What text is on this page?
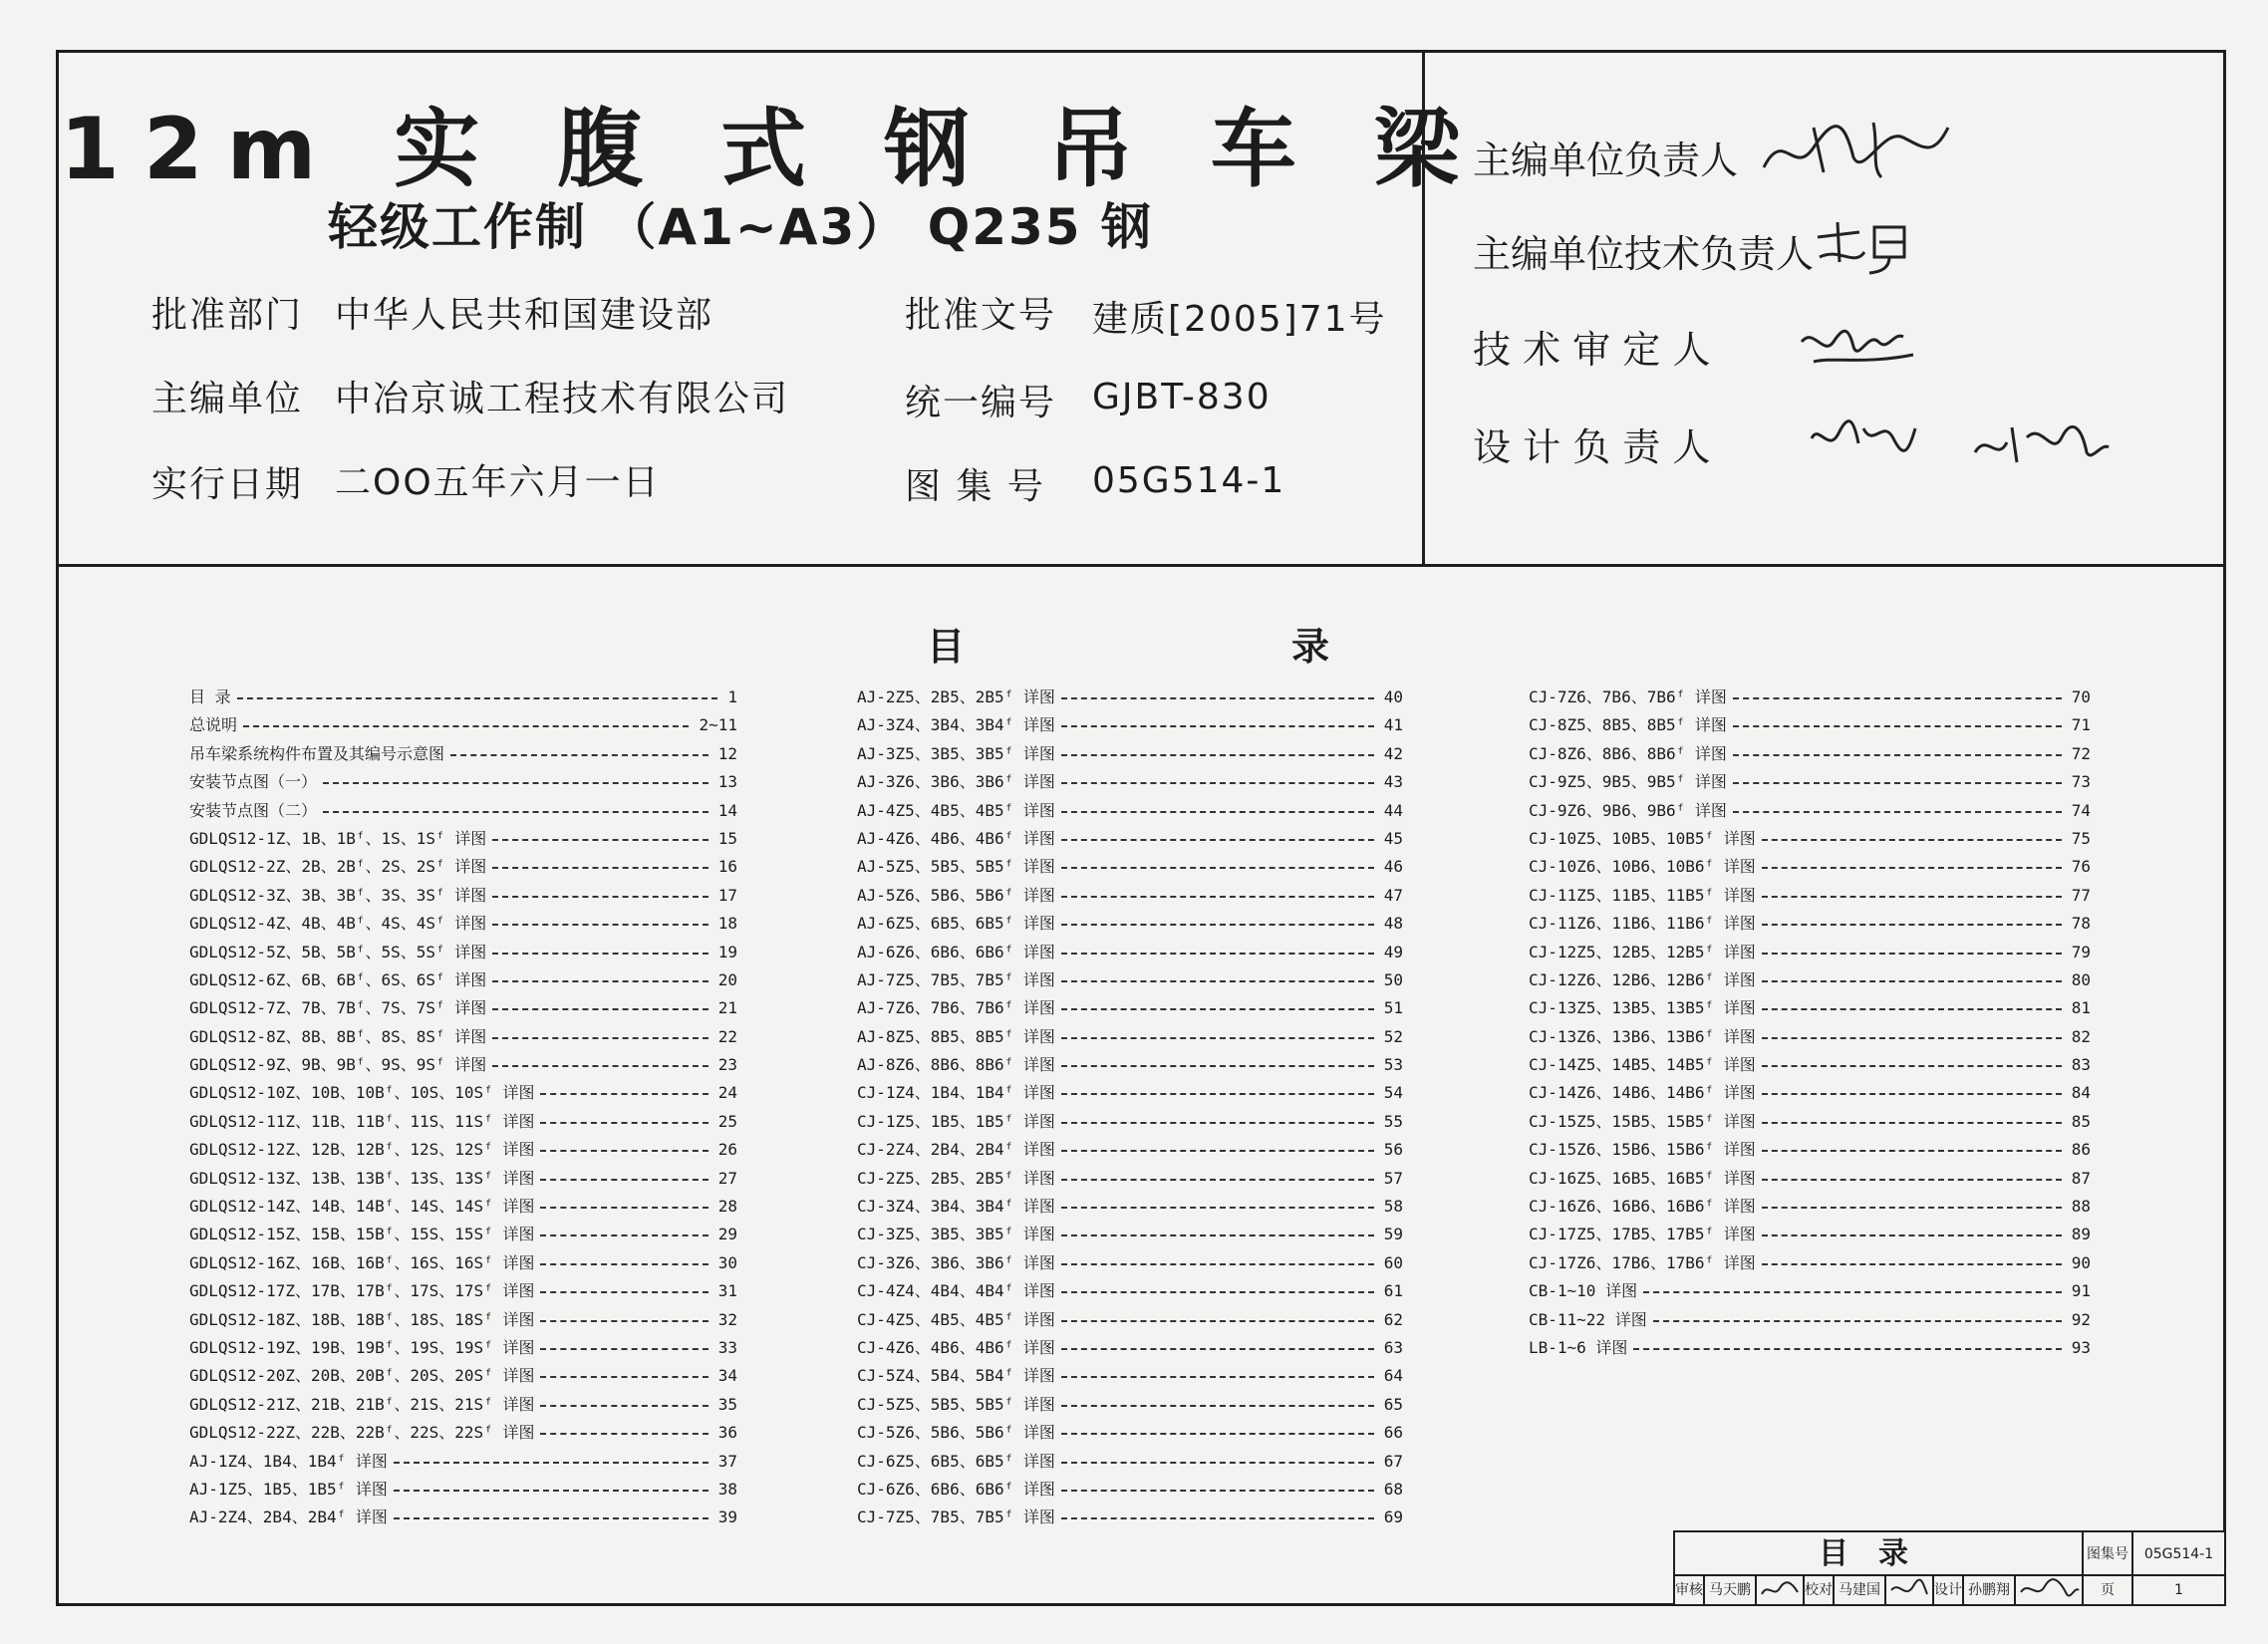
12m 实 腹 式 钢 吊 车 梁
轻级工作制 （A1~A3） Q235 钢
批准部门 中华人民共和国建设部	批准文号 建质[2005]71号
主编单位 中冶京诚工程技术有限公司	统一编号 GJBT-830
实行日期 二OO五年六月一日	图 集 号 05G514-1
主编单位负责人
主编单位技术负责人
技 术 审 定 人
设 计 负 责 人
目	录
目 录	1
总说明	2~11
吊车梁系统构件布置及其编号示意图	12
安装节点图（一）	13
安装节点图（二）	14
GDLQS12-1Z、1B、1Bᶠ、1S、1Sᶠ 详图	15
GDLQS12-2Z、2B、2Bᶠ、2S、2Sᶠ 详图	16
GDLQS12-3Z、3B、3Bᶠ、3S、3Sᶠ 详图	17
GDLQS12-4Z、4B、4Bᶠ、4S、4Sᶠ 详图	18
GDLQS12-5Z、5B、5Bᶠ、5S、5Sᶠ 详图	19
GDLQS12-6Z、6B、6Bᶠ、6S、6Sᶠ 详图	20
GDLQS12-7Z、7B、7Bᶠ、7S、7Sᶠ 详图	21
GDLQS12-8Z、8B、8Bᶠ、8S、8Sᶠ 详图	22
GDLQS12-9Z、9B、9Bᶠ、9S、9Sᶠ 详图	23
GDLQS12-10Z、10B、10Bᶠ、10S、10Sᶠ 详图	24
GDLQS12-11Z、11B、11Bᶠ、11S、11Sᶠ 详图	25
GDLQS12-12Z、12B、12Bᶠ、12S、12Sᶠ 详图	26
GDLQS12-13Z、13B、13Bᶠ、13S、13Sᶠ 详图	27
GDLQS12-14Z、14B、14Bᶠ、14S、14Sᶠ 详图	28
GDLQS12-15Z、15B、15Bᶠ、15S、15Sᶠ 详图	29
GDLQS12-16Z、16B、16Bᶠ、16S、16Sᶠ 详图	30
GDLQS12-17Z、17B、17Bᶠ、17S、17Sᶠ 详图	31
GDLQS12-18Z、18B、18Bᶠ、18S、18Sᶠ 详图	32
GDLQS12-19Z、19B、19Bᶠ、19S、19Sᶠ 详图	33
GDLQS12-20Z、20B、20Bᶠ、20S、20Sᶠ 详图	34
GDLQS12-21Z、21B、21Bᶠ、21S、21Sᶠ 详图	35
GDLQS12-22Z、22B、22Bᶠ、22S、22Sᶠ 详图	36
AJ-1Z4、1B4、1B4ᶠ 详图	37
AJ-1Z5、1B5、1B5ᶠ 详图	38
AJ-2Z4、2B4、2B4ᶠ 详图	39
AJ-2Z5、2B5、2B5ᶠ 详图	40
AJ-3Z4、3B4、3B4ᶠ 详图	41
AJ-3Z5、3B5、3B5ᶠ 详图	42
AJ-3Z6、3B6、3B6ᶠ 详图	43
AJ-4Z5、4B5、4B5ᶠ 详图	44
AJ-4Z6、4B6、4B6ᶠ 详图	45
AJ-5Z5、5B5、5B5ᶠ 详图	46
AJ-5Z6、5B6、5B6ᶠ 详图	47
AJ-6Z5、6B5、6B5ᶠ 详图	48
AJ-6Z6、6B6、6B6ᶠ 详图	49
AJ-7Z5、7B5、7B5ᶠ 详图	50
AJ-7Z6、7B6、7B6ᶠ 详图	51
AJ-8Z5、8B5、8B5ᶠ 详图	52
AJ-8Z6、8B6、8B6ᶠ 详图	53
CJ-1Z4、1B4、1B4ᶠ 详图	54
CJ-1Z5、1B5、1B5ᶠ 详图	55
CJ-2Z4、2B4、2B4ᶠ 详图	56
CJ-2Z5、2B5、2B5ᶠ 详图	57
CJ-3Z4、3B4、3B4ᶠ 详图	58
CJ-3Z5、3B5、3B5ᶠ 详图	59
CJ-3Z6、3B6、3B6ᶠ 详图	60
CJ-4Z4、4B4、4B4ᶠ 详图	61
CJ-4Z5、4B5、4B5ᶠ 详图	62
CJ-4Z6、4B6、4B6ᶠ 详图	63
CJ-5Z4、5B4、5B4ᶠ 详图	64
CJ-5Z5、5B5、5B5ᶠ 详图	65
CJ-5Z6、5B6、5B6ᶠ 详图	66
CJ-6Z5、6B5、6B5ᶠ 详图	67
CJ-6Z6、6B6、6B6ᶠ 详图	68
CJ-7Z5、7B5、7B5ᶠ 详图	69
CJ-7Z6、7B6、7B6ᶠ 详图	70
CJ-8Z5、8B5、8B5ᶠ 详图	71
CJ-8Z6、8B6、8B6ᶠ 详图	72
CJ-9Z5、9B5、9B5ᶠ 详图	73
CJ-9Z6、9B6、9B6ᶠ 详图	74
CJ-10Z5、10B5、10B5ᶠ 详图	75
CJ-10Z6、10B6、10B6ᶠ 详图	76
CJ-11Z5、11B5、11B5ᶠ 详图	77
CJ-11Z6、11B6、11B6ᶠ 详图	78
CJ-12Z5、12B5、12B5ᶠ 详图	79
CJ-12Z6、12B6、12B6ᶠ 详图	80
CJ-13Z5、13B5、13B5ᶠ 详图	81
CJ-13Z6、13B6、13B6ᶠ 详图	82
CJ-14Z5、14B5、14B5ᶠ 详图	83
CJ-14Z6、14B6、14B6ᶠ 详图	84
CJ-15Z5、15B5、15B5ᶠ 详图	85
CJ-15Z6、15B6、15B6ᶠ 详图	86
CJ-16Z5、16B5、16B5ᶠ 详图	87
CJ-16Z6、16B6、16B6ᶠ 详图	88
CJ-17Z5、17B5、17B5ᶠ 详图	89
CJ-17Z6、17B6、17B6ᶠ 详图	90
CB-1~10 详图	91
CB-11~22 详图	92
LB-1~6 详图	93
目录	图集号	05G514-1
审核 马天鹏	校对 马建国	设计 孙鹏翔	页	1
